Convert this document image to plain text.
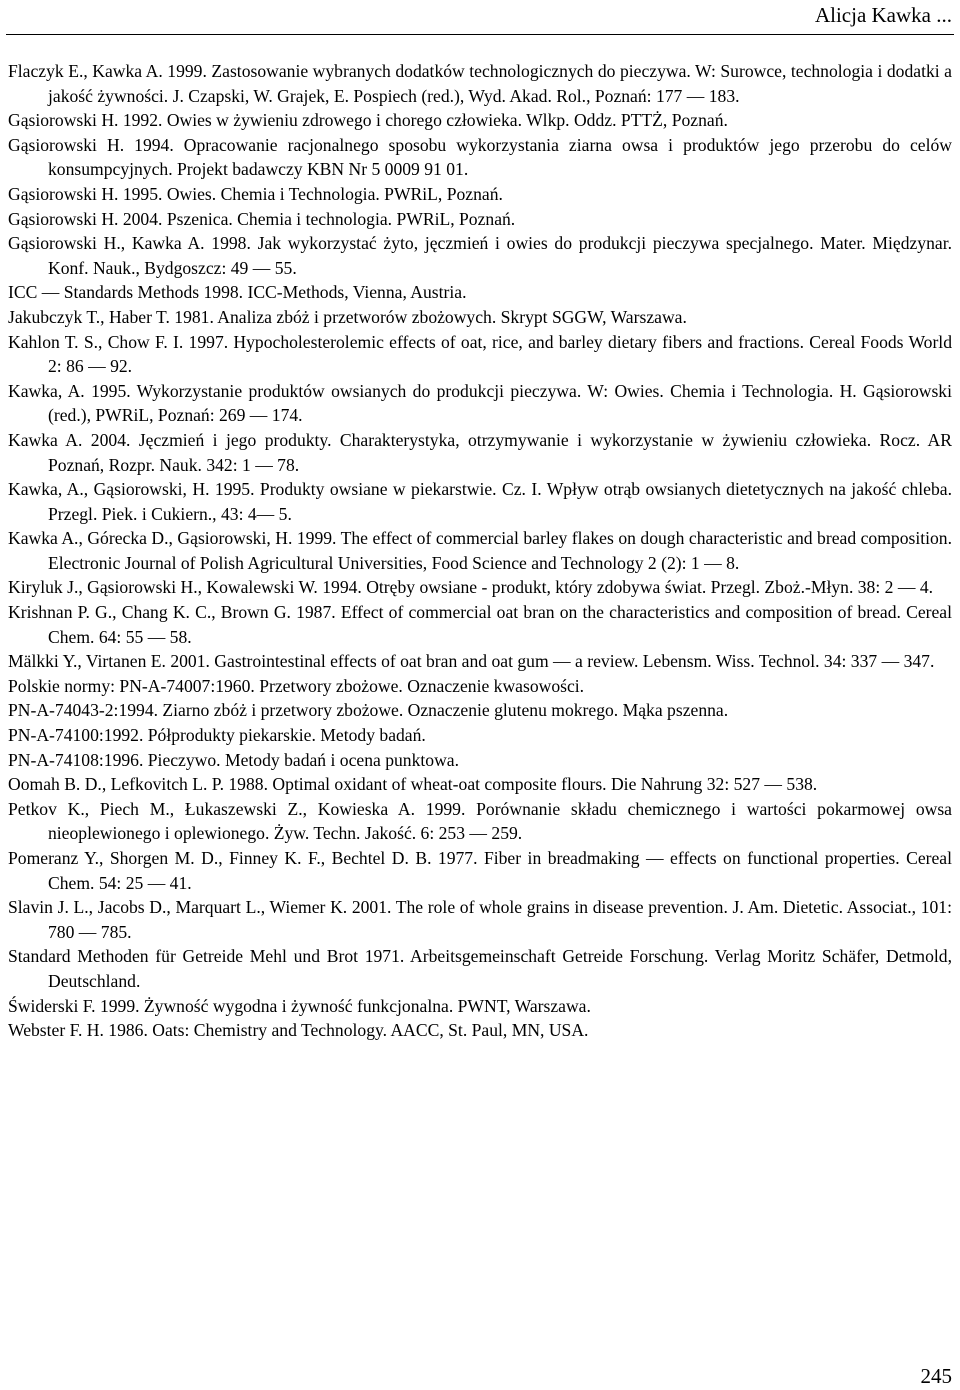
Alicja Kawka ...
Flaczyk E., Kawka A. 1999. Zastosowanie wybranych dodatków technologicznych do pieczywa. W: Surowce, technologia i dodatki a jakość żywności. J. Czapski, W. Grajek, E. Pospiech (red.), Wyd. Akad. Rol., Poznań: 177 — 183.
Gąsiorowski H. 1992. Owies w żywieniu zdrowego i chorego człowieka. Wlkp. Oddz. PTTŻ, Poznań.
Gąsiorowski H. 1994. Opracowanie racjonalnego sposobu wykorzystania ziarna owsa i produktów jego przerobu do celów konsumpcyjnych. Projekt badawczy KBN Nr 5 0009 91 01.
Gąsiorowski H. 1995. Owies. Chemia i Technologia. PWRiL, Poznań.
Gąsiorowski H. 2004. Pszenica. Chemia i technologia. PWRiL, Poznań.
Gąsiorowski H., Kawka A. 1998. Jak wykorzystać żyto, jęczmień i owies do produkcji pieczywa specjalnego. Mater. Międzynar. Konf. Nauk., Bydgoszcz: 49 — 55.
ICC — Standards Methods 1998. ICC-Methods, Vienna, Austria.
Jakubczyk T., Haber T. 1981. Analiza zbóż i przetworów zbożowych. Skrypt SGGW, Warszawa.
Kahlon T. S., Chow F. I. 1997. Hypocholesterolemic effects of oat, rice, and barley dietary fibers and fractions. Cereal Foods World 2: 86 — 92.
Kawka, A. 1995. Wykorzystanie produktów owsianych do produkcji pieczywa. W: Owies. Chemia i Technologia. H. Gąsiorowski (red.), PWRiL, Poznań: 269 — 174.
Kawka A. 2004. Jęczmień i jego produkty. Charakterystyka, otrzymywanie i wykorzystanie w żywieniu człowieka. Rocz. AR Poznań, Rozpr. Nauk. 342: 1 — 78.
Kawka, A., Gąsiorowski, H. 1995. Produkty owsiane w piekarstwie. Cz. I. Wpływ otrąb owsianych dietetycznych na jakość chleba. Przegl. Piek. i Cukiern., 43: 4— 5.
Kawka A., Górecka D., Gąsiorowski, H. 1999. The effect of commercial barley flakes on dough characteristic and bread composition. Electronic Journal of Polish Agricultural Universities, Food Science and Technology 2 (2): 1 — 8.
Kiryluk J., Gąsiorowski H., Kowalewski W. 1994. Otręby owsiane - produkt, który zdobywa świat. Przegl. Zboż.-Młyn. 38: 2 — 4.
Krishnan P. G., Chang K. C., Brown G. 1987. Effect of commercial oat bran on the characteristics and composition of bread. Cereal Chem. 64: 55 — 58.
Mälkki Y., Virtanen E. 2001. Gastrointestinal effects of oat bran and oat gum — a review. Lebensm. Wiss. Technol. 34: 337 — 347.
Polskie normy: PN-A-74007:1960. Przetwory zbożowe. Oznaczenie kwasowości.
PN-A-74043-2:1994. Ziarno zbóż i przetwory zbożowe. Oznaczenie glutenu mokrego. Mąka pszenna.
PN-A-74100:1992. Półprodukty piekarskie. Metody badań.
PN-A-74108:1996. Pieczywo. Metody badań i ocena punktowa.
Oomah B. D., Lefkovitch L. P. 1988. Optimal oxidant of wheat-oat composite flours. Die Nahrung 32: 527 — 538.
Petkov K., Piech M., Łukaszewski Z., Kowieska A. 1999. Porównanie składu chemicznego i wartości pokarmowej owsa nieoplewionego i oplewionego. Żyw. Techn. Jakość. 6: 253 — 259.
Pomeranz Y., Shorgen M. D., Finney K. F., Bechtel D. B. 1977. Fiber in breadmaking — effects on functional properties. Cereal Chem. 54: 25 — 41.
Slavin J. L., Jacobs D., Marquart L., Wiemer K. 2001. The role of whole grains in disease prevention. J. Am. Dietetic. Associat., 101: 780 — 785.
Standard Methoden für Getreide Mehl und Brot 1971. Arbeitsgemeinschaft Getreide Forschung. Verlag Moritz Schäfer, Detmold, Deutschland.
Świderski F. 1999. Żywność wygodna i żywność funkcjonalna. PWNT, Warszawa.
Webster F. H. 1986. Oats: Chemistry and Technology. AACC, St. Paul, MN, USA.
245
